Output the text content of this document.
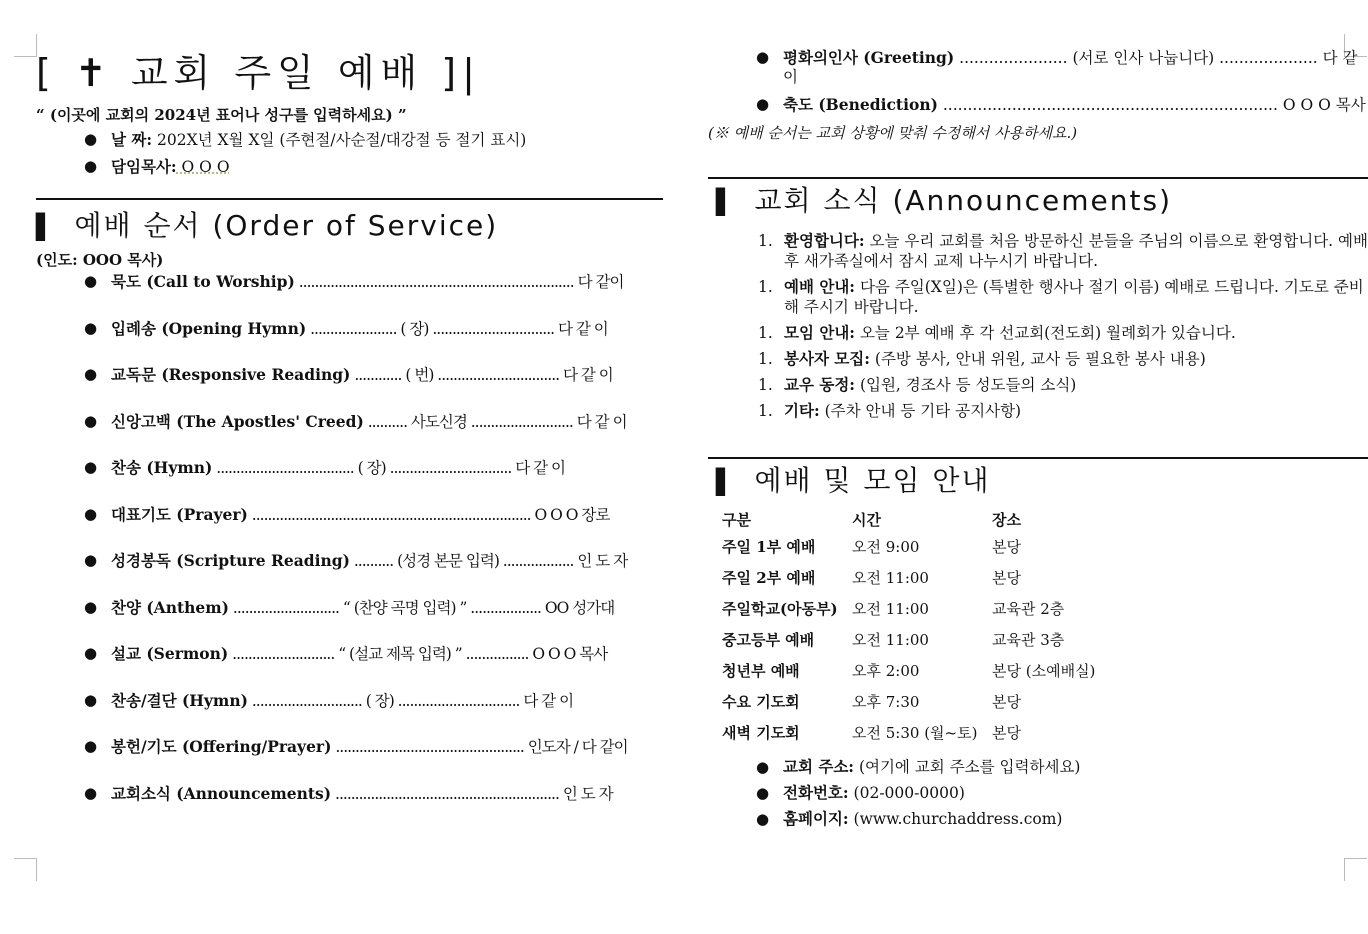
[ ✝ 교회 주일 예배 ]|
“ (이곳에 교회의 2024년 표어나 성구를 입력하세요) ”
● 날 짜: 202X년 X월 X일 (주현절/사순절/대강절 등 절기 표시)
● 담임목사: O O O
▌ 예배 순서 (Order of Service)
(인도: OOO 목사)
● 묵도 (Call to Worship) ...................................................................... 다 같이
● 입례송 (Opening Hymn) ...................... ( 장) ............................... 다 같 이
● 교독문 (Responsive Reading) ............ ( 번) ............................... 다 같 이
● 신앙고백 (The Apostles' Creed) .......... 사도신경 .......................... 다 같 이
● 찬송 (Hymn) ................................... ( 장) ............................... 다 같 이
● 대표기도 (Prayer) ....................................................................... O O O 장로
● 성경봉독 (Scripture Reading) .......... (성경 본문 입력) .................. 인 도 자
● 찬양 (Anthem) ........................... “ (찬양 곡명 입력) ” .................. OO 성가대
● 설교 (Sermon) .......................... “ (설교 제목 입력) ” ................ O O O 목사
● 찬송/결단 (Hymn) ............................ ( 장) ............................... 다 같 이
● 봉헌/기도 (Offering/Prayer) ................................................ 인도자 / 다 같이
● 교회소식 (Announcements) ......................................................... 인 도 자
● 평화의인사 (Greeting) ...................... (서로 인사 나눕니다) .................... 다 같 이
● 축도 (Benediction) .................................................................... O O O 목사
(※ 예배 순서는 교회 상황에 맞춰 수정해서 사용하세요.)
▌ 교회 소식 (Announcements)
1. 환영합니다: 오늘 우리 교회를 처음 방문하신 분들을 주님의 이름으로 환영합니다. 예배 후 새가족실에서 잠시 교제 나누시기 바랍니다.
1. 예배 안내: 다음 주일(X일)은 (특별한 행사나 절기 이름) 예배로 드립니다. 기도로 준비해 주시기 바랍니다.
1. 모임 안내: 오늘 2부 예배 후 각 선교회(전도회) 월례회가 있습니다.
1. 봉사자 모집: (주방 봉사, 안내 위원, 교사 등 필요한 봉사 내용)
1. 교우 동정: (입원, 경조사 등 성도들의 소식)
1. 기타: (주차 안내 등 기타 공지사항)
▌ 예배 및 모임 안내
구분	시간	장소
주일 1부 예배	오전 9:00	본당
주일 2부 예배	오전 11:00	본당
주일학교(아동부)	오전 11:00	교육관 2층
중고등부 예배	오전 11:00	교육관 3층
청년부 예배	오후 2:00	본당 (소예배실)
수요 기도회	오후 7:30	본당
새벽 기도회	오전 5:30 (월~토)	본당
● 교회 주소: (여기에 교회 주소를 입력하세요)
● 전화번호: (02-000-0000)
● 홈페이지: (www.churchaddress.com)
